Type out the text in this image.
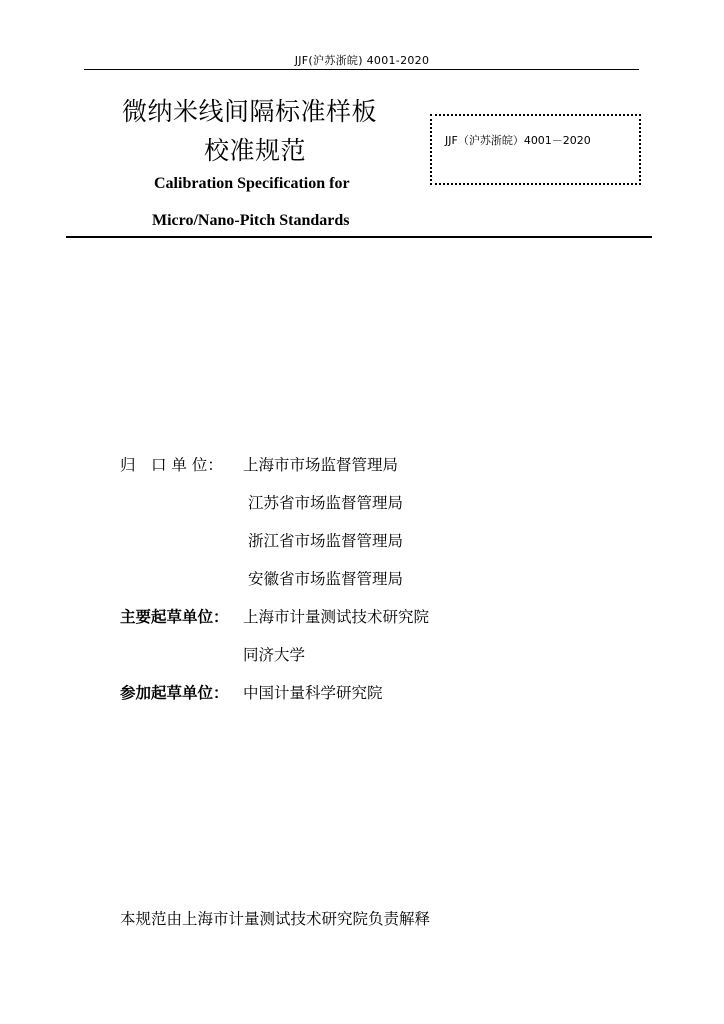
JJF(沪苏浙皖) 4001-2020
微纳米线间隔标准样板
校准规范
Calibration Specification for
Micro/Nano-Pitch Standards
JJF（沪苏浙皖）4001－2020
归　口 单 位： 上海市市场监督管理局
江苏省市场监督管理局
浙江省市场监督管理局
安徽省市场监督管理局
主要起草单位： 上海市计量测试技术研究院
同济大学
参加起草单位： 中国计量科学研究院
本规范由上海市计量测试技术研究院负责解释
